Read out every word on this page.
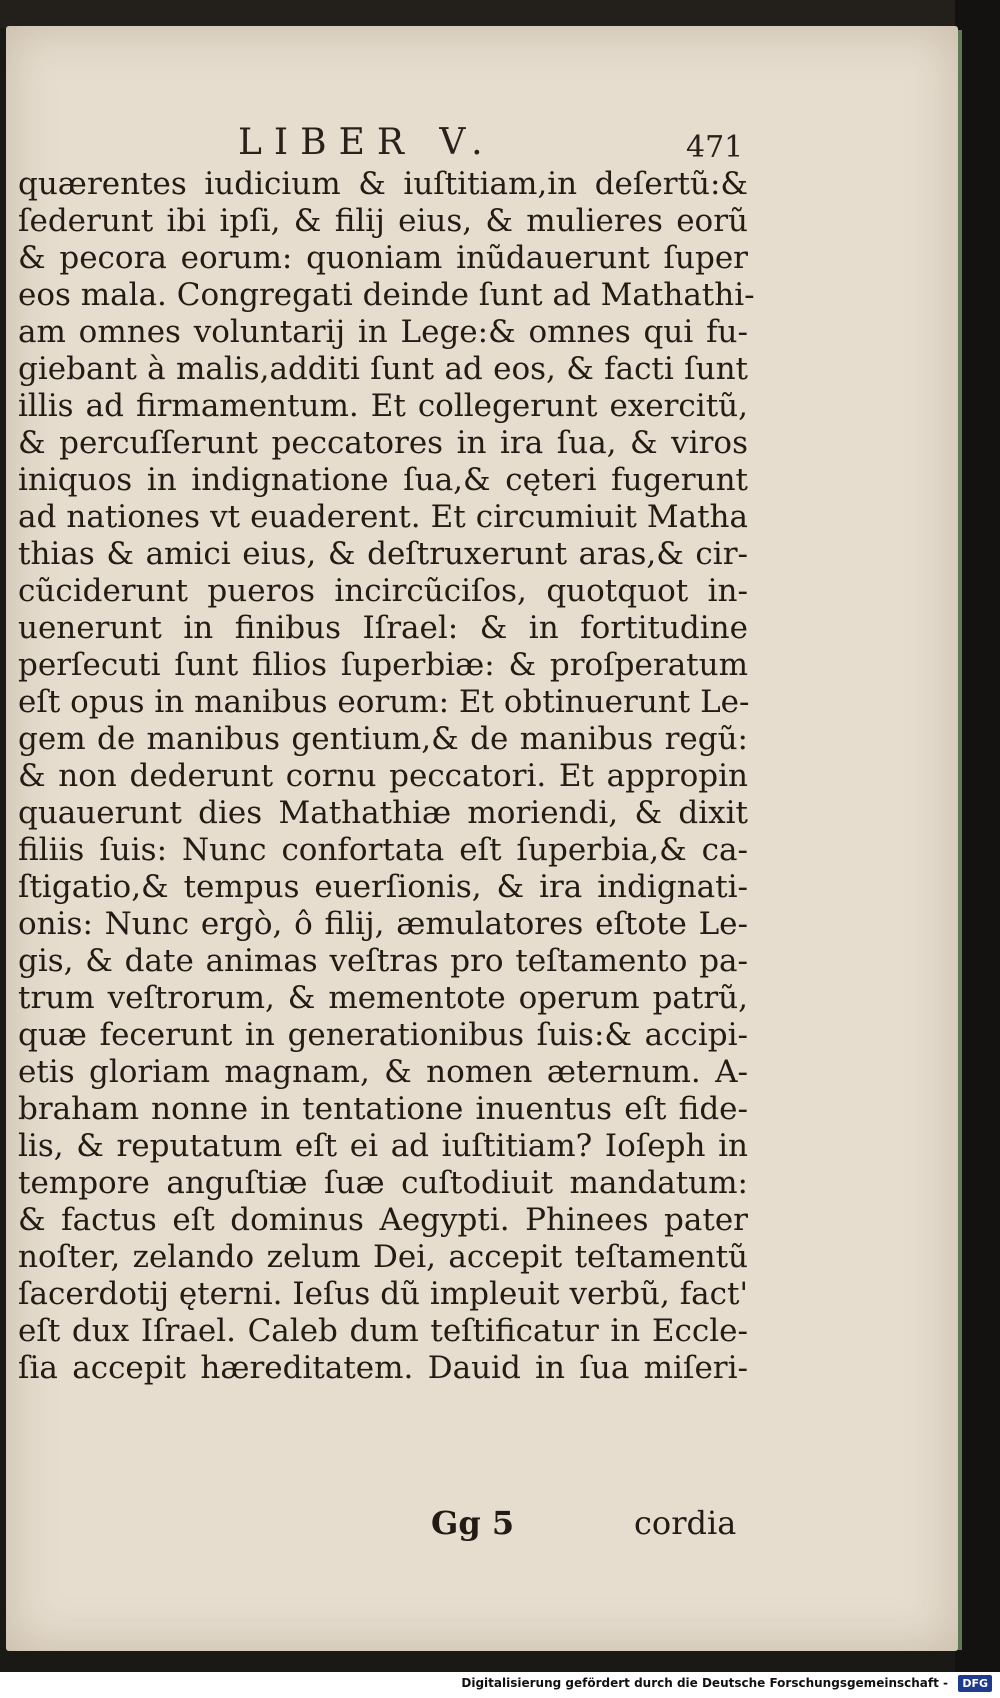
LIBER V.	471
quærentes iudicium & iuſtitiam,in deſertũ:&
ſederunt ibi ipſi, & filij eius, & mulieres eorũ
& pecora eorum: quoniam inũdauerunt ſuper
eos mala. Congregati deinde ſunt ad Mathathi-
am omnes voluntarij in Lege:& omnes qui fu-
giebant à malis,additi ſunt ad eos, & facti ſunt
illis ad firmamentum. Et collegerunt exercitũ,
& percuſſerunt peccatores in ira ſua, & viros
iniquos in indignatione ſua,& cęteri fugerunt
ad nationes vt euaderent. Et circumiuit Matha
thias & amici eius, & deſtruxerunt aras,& cir-
cũciderunt pueros incircũciſos, quotquot in-
uenerunt in finibus Iſrael: & in fortitudine
perſecuti ſunt filios ſuperbiæ: & proſperatum
eſt opus in manibus eorum: Et obtinuerunt Le-
gem de manibus gentium,& de manibus regũ:
& non dederunt cornu peccatori. Et appropin
quauerunt dies Mathathiæ moriendi, & dixit
filiis ſuis: Nunc confortata eſt ſuperbia,& ca-
ſtigatio,& tempus euerſionis, & ira indignati-
onis: Nunc ergò, ô filij, æmulatores eſtote Le-
gis, & date animas veſtras pro teſtamento pa-
trum veſtrorum, & mementote operum patrũ,
quæ fecerunt in generationibus ſuis:& accipi-
etis gloriam magnam, & nomen æternum. A-
braham nonne in tentatione inuentus eſt fide-
lis, & reputatum eſt ei ad iuſtitiam? Ioſeph in
tempore anguſtiæ ſuæ cuſtodiuit mandatum:
& factus eſt dominus Aegypti. Phinees pater
noſter, zelando zelum Dei, accepit teſtamentũ
ſacerdotij ęterni. Ieſus dũ impleuit verbũ, fact'
eſt dux Iſrael. Caleb dum teſtificatur in Eccle-
ſia accepit hæreditatem. Dauid in ſua miſeri-
Gg 5	cordia
Digitalisierung gefördert durch die Deutsche Forschungsgemeinschaft -	DFG
